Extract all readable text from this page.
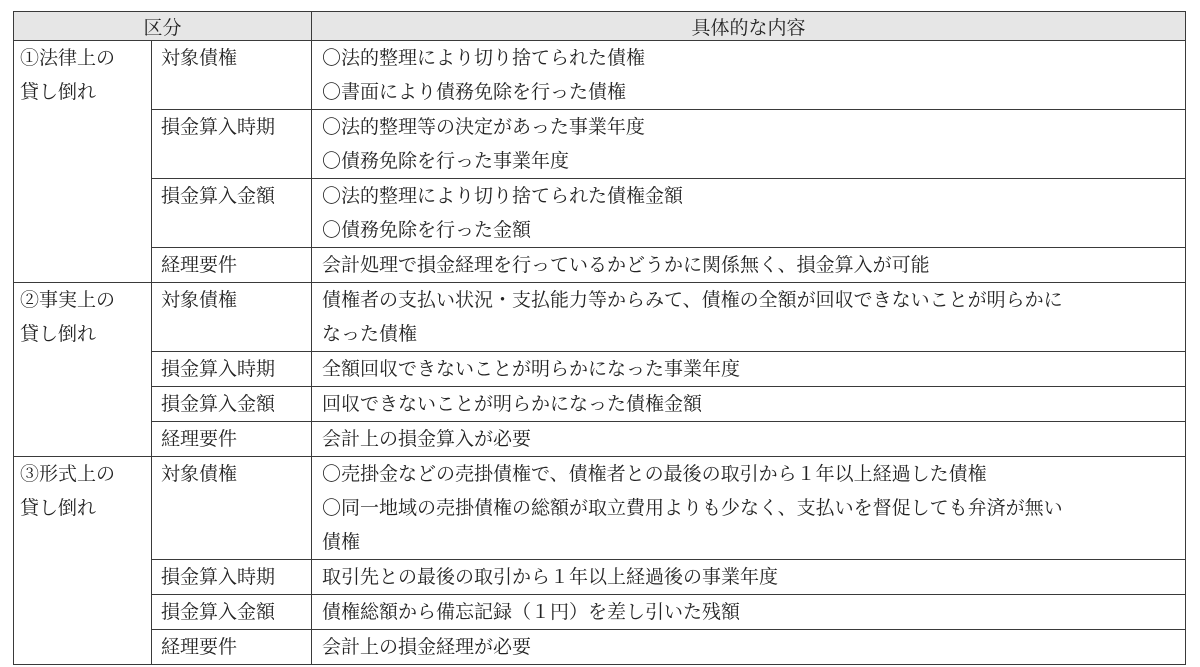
区分		具体的な内容

①法律上の
貸し倒れ	対象債権	〇法的整理により切り捨てられた債権
〇書面により債務免除を行った債権

	損金算入時期	〇法的整理等の決定があった事業年度
〇債務免除を行った事業年度

	損金算入金額	〇法的整理により切り捨てられた債権金額
〇債務免除を行った金額

	経理要件	会計処理で損金経理を行っているかどうかに関係無く、損金算入が可能

②事実上の
貸し倒れ	対象債権	債権者の支払い状況・支払能力等からみて、債権の全額が回収できないことが明らかに
なった債権

	損金算入時期	全額回収できないことが明らかになった事業年度

	損金算入金額	回収できないことが明らかになった債権金額

	経理要件	会計上の損金算入が必要

③形式上の
貸し倒れ	対象債権	〇売掛金などの売掛債権で、債権者との最後の取引から１年以上経過した債権
〇同一地域の売掛債権の総額が取立費用よりも少なく、支払いを督促しても弁済が無い
債権

	損金算入時期	取引先との最後の取引から１年以上経過後の事業年度

	損金算入金額	債権総額から備忘記録（１円）を差し引いた残額

	経理要件	会計上の損金経理が必要
